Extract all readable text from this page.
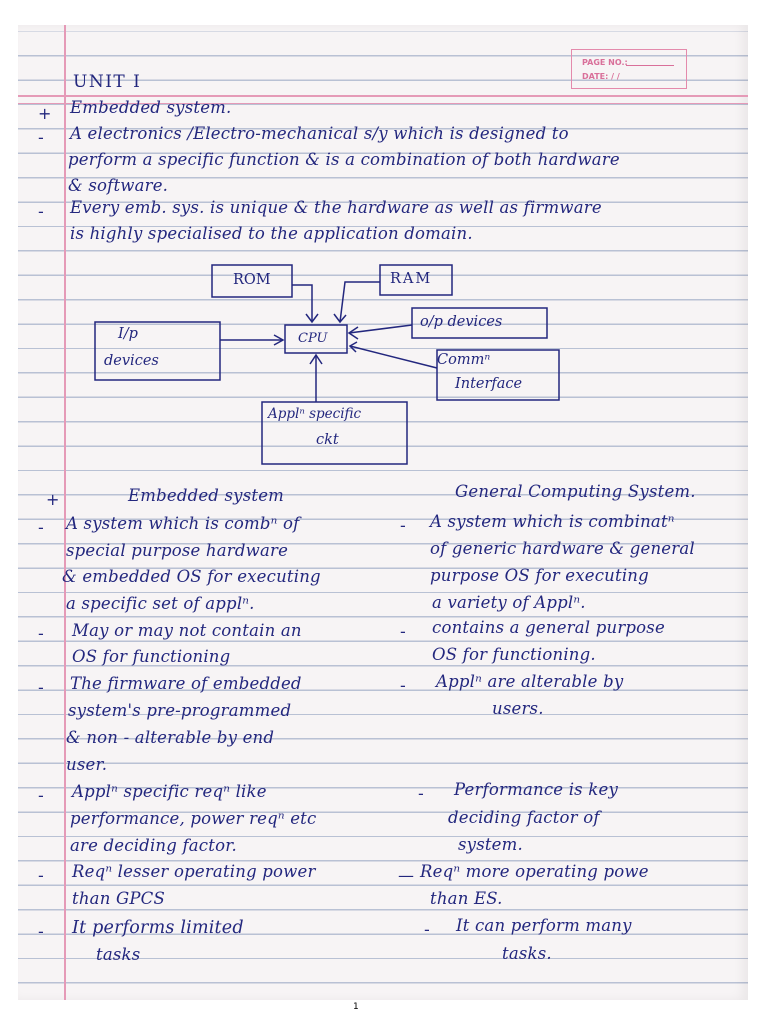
PAGE NO.:
DATE: / /
UNIT I
+ Embedded system.
- A electronics /Electro-mechanical s/y which is designed to
perform a specific function & is a combination of both hardware
& software.
- Every emb. sys. is unique & the hardware as well as firmware
is highly specialised to the application domain.
ROM	RAM
I/p
devices
CPU
o/p devices
Commⁿ
Interface
Applⁿ specific
ckt
+	Embedded system	General Computing System.
- A system which is combⁿ of
special purpose hardware
& embedded OS for executing
a specific set of applⁿ.
- May or may not contain an
OS for functioning
- The firmware of embedded
system's pre-programmed
& non - alterable by end
user.
- Applⁿ specific reqⁿ like
performance, power reqⁿ etc
are deciding factor.
- Reqⁿ lesser operating power
than GPCS
- It performs limited
tasks
- A system which is combinatⁿ
of generic hardware & general
purpose OS for executing
a variety of Applⁿ.
- contains a general purpose
OS for functioning.
- Applⁿ are alterable by
users.
- Performance is key
deciding factor of
system.
— Reqⁿ more operating powe
than ES.
- It can perform many
tasks.
1
